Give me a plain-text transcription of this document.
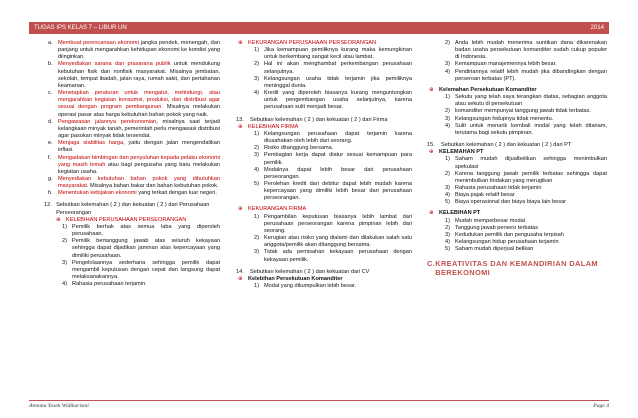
TUGAS IPS KELAS 7 – LIBUR UN	2014
a. Membuat perencanaan ekonomi jangka pendek, menengah, dan panjang untuk mengarahkan kehidupan ekonomi ke kondisi yang diinginkan.
b. Menyediakan sarana dan prasarana publik untuk mendukung kebutuhan fisik dan nonfisik masyarakat. Misalnya jembatan, sekolah, tempat ibadah, jalan raya, rumah sakit, dan pertahanan keamanan.
c.	Menetapkan peraturan untuk mengatur, melindungi, atau mengarahkan kegiatan konsumsi, produksi, dan distribusi agar sesuai dengan program pembangunan. Misalnya melakukan operasi pasar atas harga kebutuhan bahan pokok yang naik.
d. Pengawasan jalannya perekonomian, misalnya saat terjadi kelangkaan minyak tanah, pemerintah perlu mengawasi distribusi agar pasokan minyak tidak tersendat.
e. Menjaga stabilitas harga, yaitu dengan jalan mengendalikan inflasi.
f.	Mengadakan bimbingan dan penyuluhan kepada pelaku ekonomi yang masih lemah atau bagi pengusaha yang baru melakukan kegiatan usaha.
g. Menyediakan kebutuhan bahan pokok yang dibutuhkan masyarakat. Misalnya bahan bakar dan bahan kebutuhan pokok.
h. Menentukan kebijakan ekonomi yang terkait dengan luar negeri.
12. Sebutkan kelemahan ( 2 ) dan kekuatan ( 2 ) dari Perusahaan Perseorangan
⊕ KELEBIHAN PERUSAHAAN PERSEORANGAN
1) Pemilik berhak atas semua laba yang diperoleh perusahaan.
2) Pemilik bertanggung jawab atas seluruh kekayaan sehingga dapat dijadikan jaminan atas kepercayaan yang dimiliki perusahaan.
3) Pengelolaannya sederhana sehingga pemilik dapat mengambil keputusan dengan cepat dan langsung dapat melaksanakannya.
4) Rahasia perusahaan terjamin.
⊕ KEKURANGAN PERUSAHAAN PERSEORANGAN
1) Jika kemampuan pemiliknya kurang maka kemungkinan untuk berkembang sangat kecil atau lambat.
2) Hal ini akan menghambat perkembangan perusahaan selanjutnya.
3) Kelangsungan usaha tidak terjamin jika pemiliknya meninggal dunia.
4) Kredit yang diperoleh biasanya kurang menguntungkan untuk pengembangan usaha selanjutnya, karena perusahaan sulit menjadi besar.
13.	Sebutkan kelemahan ( 2 ) dan kekuatan ( 2 ) dari Firma
⊕ KELEBIHAN FIRMA
1) Kelangsungan perusahaan dapat terjamin karena diusahakan oleh lebih dari seorang.
2) Risiko ditanggung bersama.
3) Pembagian kerja dapat diatur sesuai kemampuan para pemilik.
4) Modalnya dapat lebih besar dari perusahaan perseorangan.
5) Perolehan kredit dari debitur dapat lebih mudah karena kepercayaan yang dimiliki lebih besar dari perusahaan perseorangan.
⊕ KEKURANGAN FIRMA
1) Pengambilan keputusan biasanya lebih lambat dari perusahaan perseorangan karena pimpinan lebih dari seorang.
2) Kerugian atau risiko yang dialami dan dilakukan salah satu anggota/pemilik akan ditanggung bersama.
3) Tidak ada pemisahan kekayaan perusahaan dengan kekayaan pemilik.
14.	Sebutkan kelemahan ( 2 ) dan kekuatan dari CV
⊕ Kelebihan Persekutuan Komanditer
1) Modal yang dikumpulkan lebih besar.
2) Anda lebih mudah menerima suntikan dana dikarenakan badan usaha persekutuan komanditer sudah cukup populer di Indonesia.
3) Kemampuan manajemennya lebih besar.
4) Pendiriannya relatif lebih mudah jika dibandingkan dengan perseroan terbatas (PT).
⊕ Kelemahan Persekutuan Komanditer
1) Sekutu yang telah saya terangkan diatas, sebagian anggota atau sekutu di persekutuan
2) komanditer mempunyai tanggung jawab tidak terbatas.
3) Kelangsungan hidupnya tidak menentu.
4) Sulit untuk menarik kembali modal yang telah ditanam, terutama bagi sekutu pimpinan.
15.	Sebutkan kelemahan ( 2 ) dan kekuatan ( 2 ) dari PT
⊕ KELEMAHAN PT
1) Saham mudah dijualbelikan sehingga menimbulkan spekulasi
2) Karena tanggung jawab pemilik terbatas sehingga dapat menimbulkan tindakan yang merugikan
3) Rahasia perusahaan tidak terjamin
4) Biaya pajak relatif besar
5) Biaya operasional dan biaya biaya lain besar
⊕ KELEBIHAN PT
1) Mudah memperbesar modal
2) Tanggung jawab persero terbatas
3) Kedudukan pemilik dan pengusaha terpisah
4) Kelangsungan hidup perusahaan terjamin
5) Saham mudah diperjual belikan
C. KREATIVITAS DAN KEMANDIRIAN DALAM BEREKONOMI
Atmona Yosek Widikarismi	Page 4
